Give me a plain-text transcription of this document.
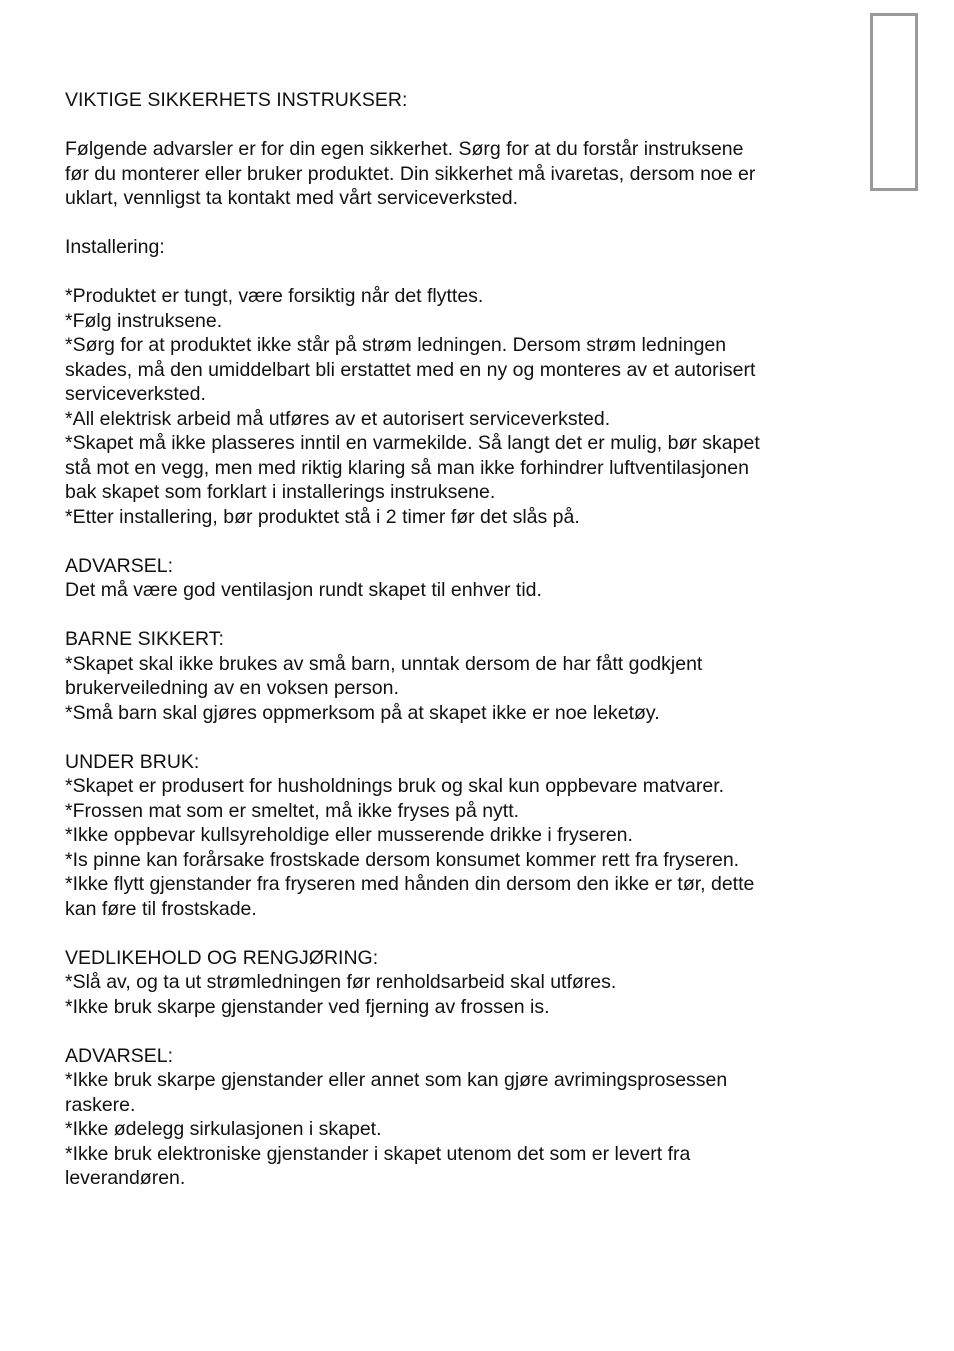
VIKTIGE SIKKERHETS INSTRUKSER:

Følgende advarsler er for din egen sikkerhet. Sørg for at du forstår instruksene

før du monterer eller bruker produktet. Din sikkerhet må ivaretas, dersom noe er

uklart, vennligst ta kontakt med vårt serviceverksted.

Installering:

*Produktet er tungt, være forsiktig når det flyttes.

*Følg instruksene.

*Sørg for at produktet ikke står på strøm ledningen. Dersom strøm ledningen

skades, må den umiddelbart bli erstattet med en ny og monteres av et autorisert

serviceverksted.

*All elektrisk arbeid må utføres av et autorisert serviceverksted.

*Skapet må ikke plasseres inntil en varmekilde. Så langt det er mulig, bør skapet

stå mot en vegg, men med riktig klaring så man ikke forhindrer luftventilasjonen

bak skapet som forklart i installerings instruksene.

*Etter installering, bør produktet stå i 2 timer før det slås på.

ADVARSEL:

Det må være god ventilasjon rundt skapet til enhver tid.

BARNE SIKKERT:

*Skapet skal ikke brukes av små barn, unntak dersom de har fått godkjent

brukerveiledning av en voksen person.

*Små barn skal gjøres oppmerksom på at skapet ikke er noe leketøy.

UNDER BRUK:

*Skapet er produsert for husholdnings bruk og skal kun oppbevare matvarer.

*Frossen mat som er smeltet, må ikke fryses på nytt.

*Ikke oppbevar kullsyreholdige eller musserende drikke i fryseren.

*Is pinne kan forårsake frostskade dersom konsumet kommer rett fra fryseren.

*Ikke flytt gjenstander fra fryseren med hånden din dersom den ikke er tør, dette

kan føre til frostskade.

VEDLIKEHOLD OG RENGJØRING:

*Slå av, og ta ut strømledningen før renholdsarbeid skal utføres.

*Ikke bruk skarpe gjenstander ved fjerning av frossen is.

ADVARSEL:

*Ikke bruk skarpe gjenstander eller annet som kan gjøre avrimingsprosessen

raskere.

*Ikke ødelegg sirkulasjonen i skapet.

*Ikke bruk elektroniske gjenstander i skapet utenom det som er levert fra

leverandøren.
